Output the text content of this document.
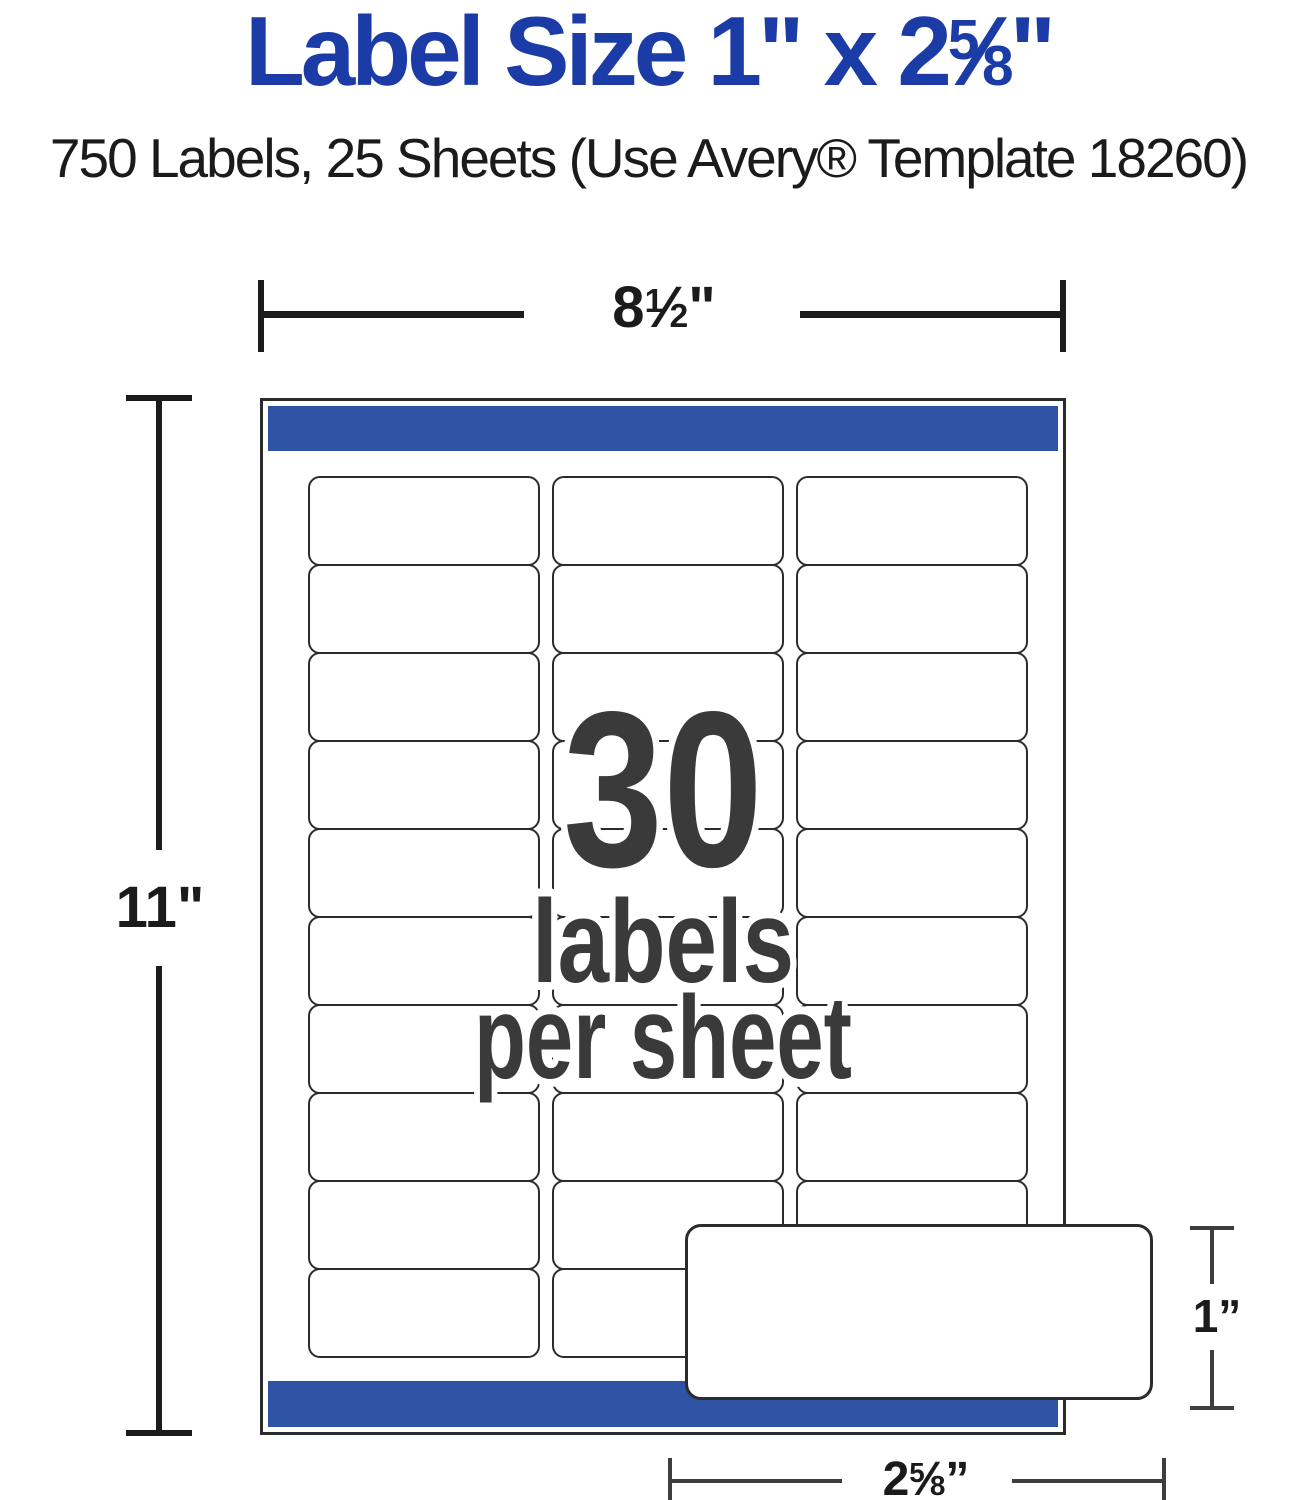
Label Size 1" x 2$^5$⁄8"
750 Labels, 25 Sheets (Use Avery® Template 18260)
8$^1$⁄2"
11" 30
labels
per sheet
1”
2$^5$⁄8”
